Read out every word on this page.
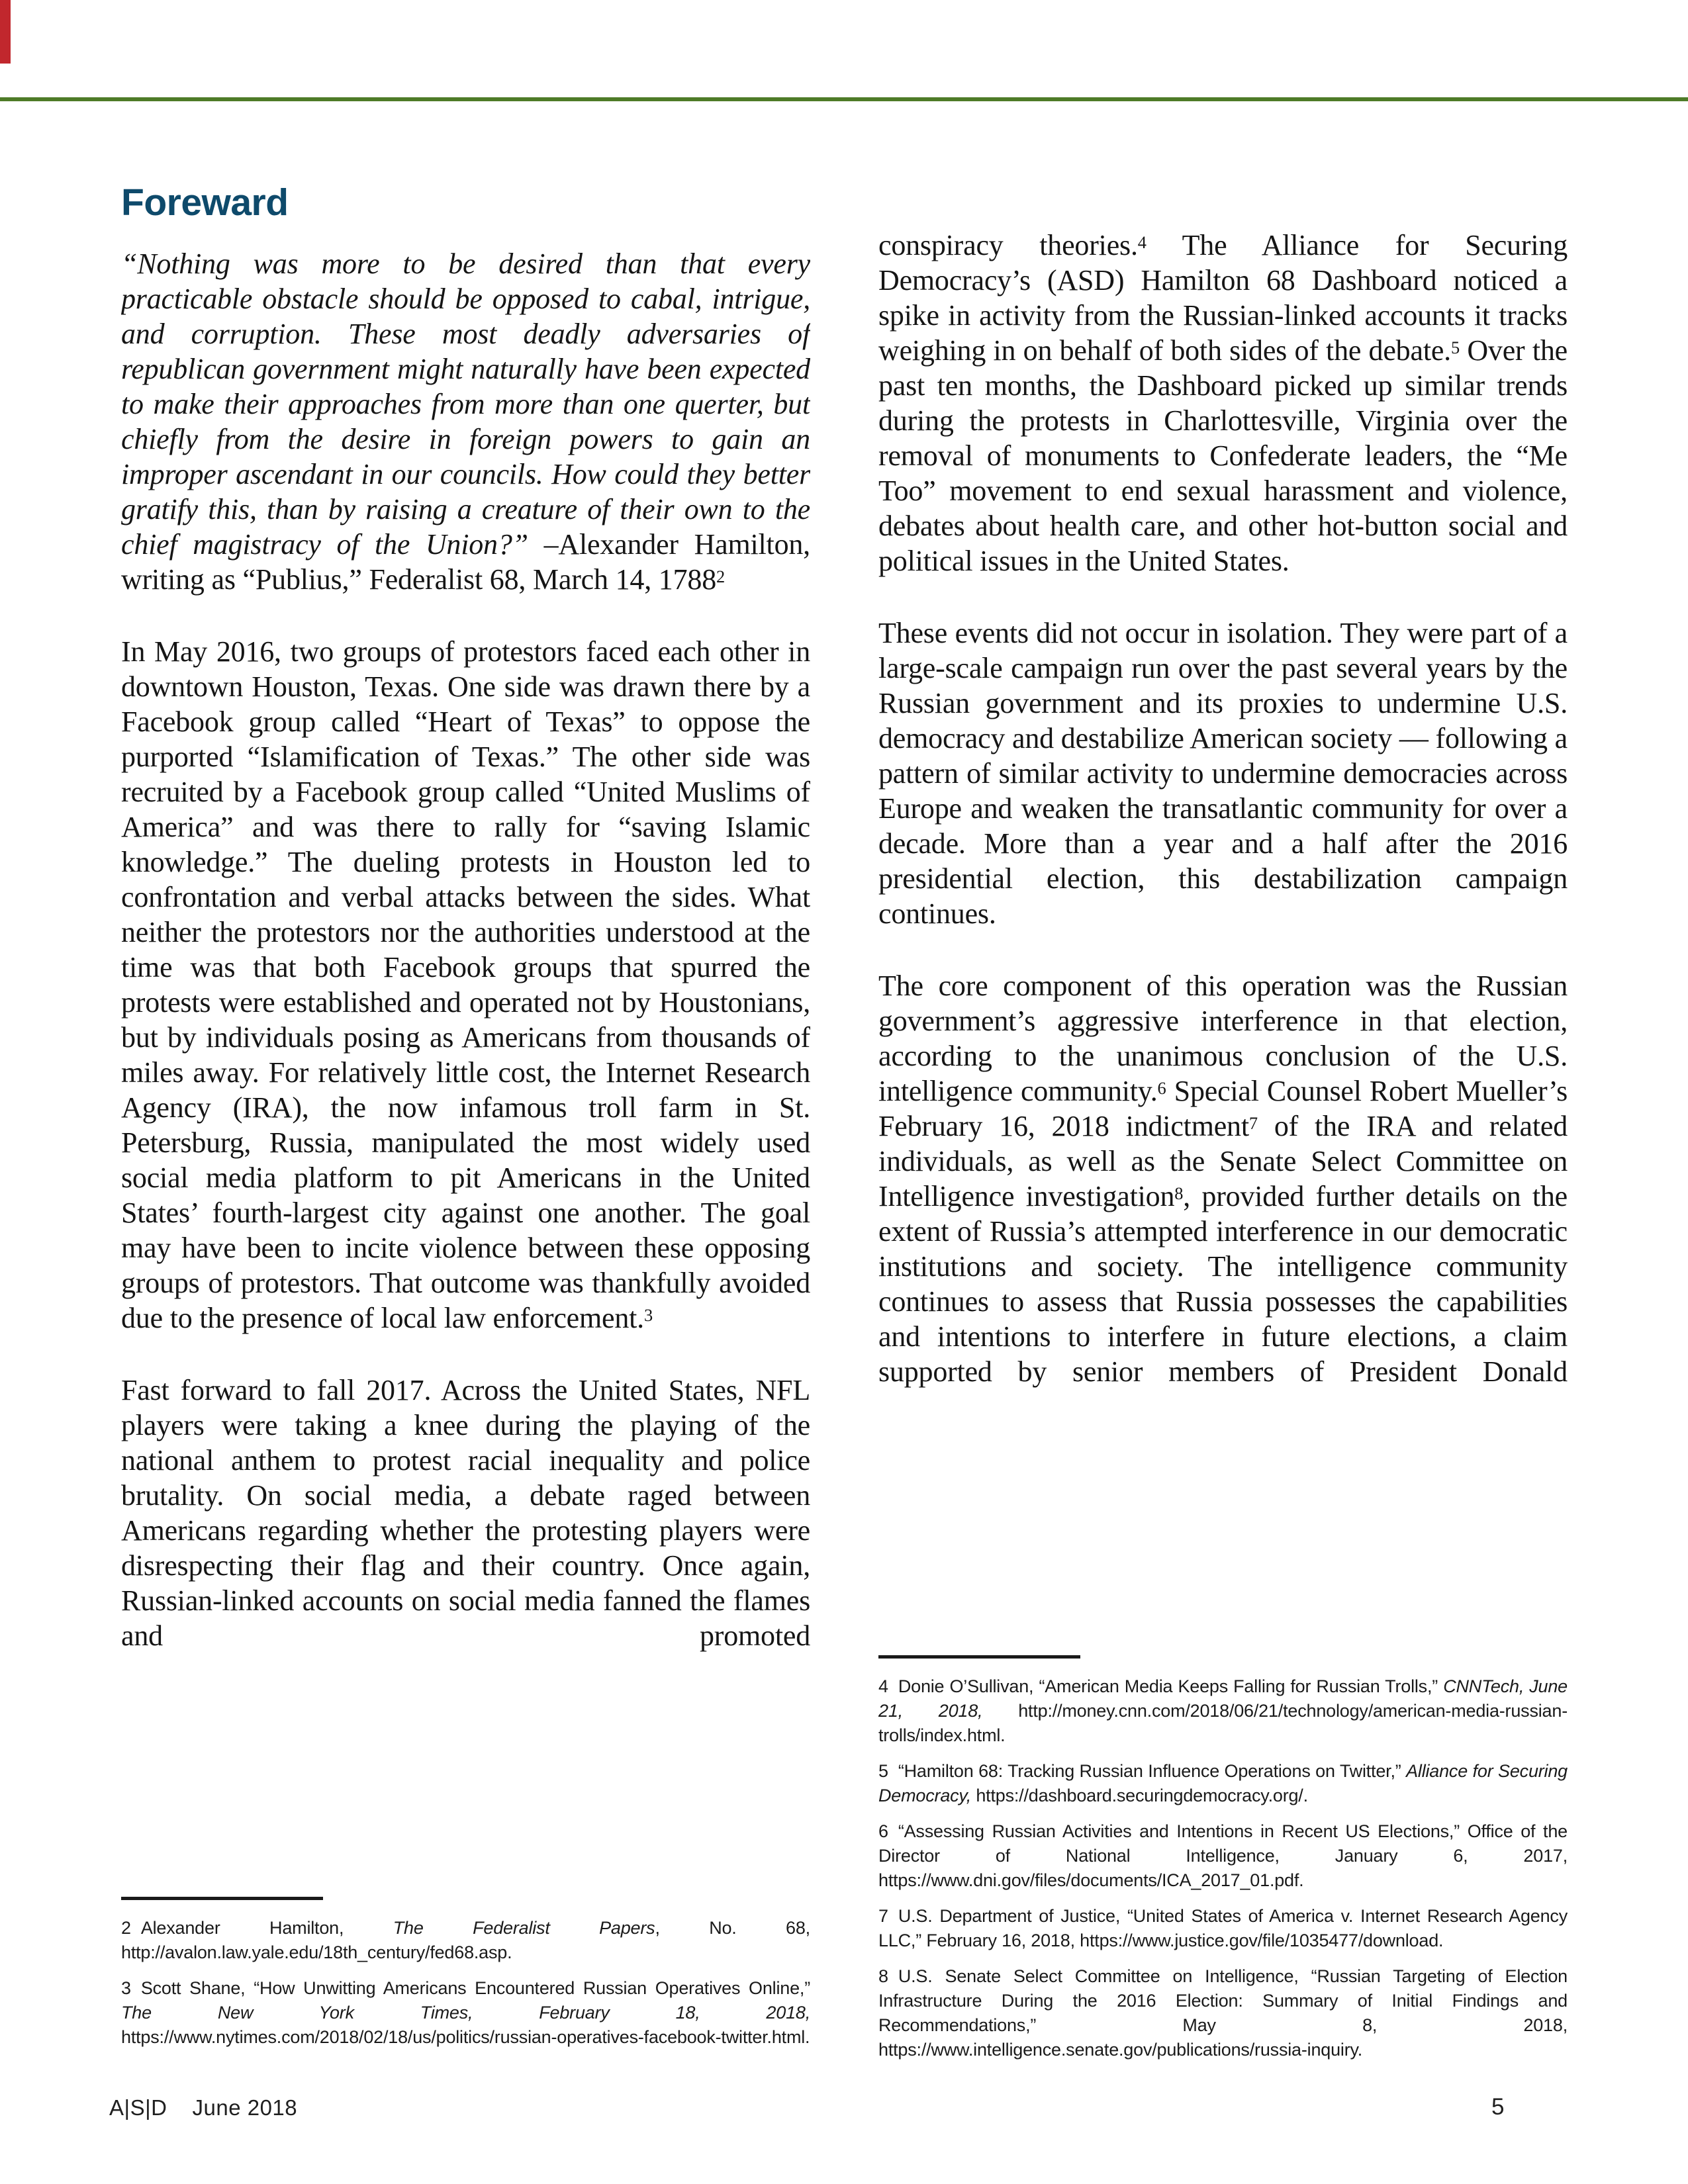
Foreward

“Nothing was more to be desired than that every practicable obstacle should be opposed to cabal, intrigue, and corruption. These most deadly adversaries of republican government might naturally have been expected to make their approaches from more than one querter, but chiefly from the desire in foreign powers to gain an improper ascendant in our councils. How could they better gratify this, than by raising a creature of their own to the chief magistracy of the Union?” –Alexander Hamilton, writing as “Publius,” Federalist 68, March 14, 1788$^2$

In May 2016, two groups of protestors faced each other in downtown Houston, Texas. One side was drawn there by a Facebook group called “Heart of Texas” to oppose the purported “Islamification of Texas.” The other side was recruited by a Facebook group called “United Muslims of America” and was there to rally for “saving Islamic knowledge.” The dueling protests in Houston led to confrontation and verbal attacks between the sides. What neither the protestors nor the authorities understood at the time was that both Facebook groups that spurred the protests were established and operated not by Houstonians, but by individuals posing as Americans from thousands of miles away. For relatively little cost, the Internet Research Agency (IRA), the now infamous troll farm in St. Petersburg, Russia, manipulated the most widely used social media platform to pit Americans in the United States’ fourth-largest city against one another. The goal may have been to incite violence between these opposing groups of protestors. That outcome was thankfully avoided due to the presence of local law enforcement.$^3$

Fast forward to fall 2017. Across the United States, NFL players were taking a knee during the playing of the national anthem to protest racial inequality and police brutality. On social media, a debate raged between Americans regarding whether the protesting players were disrespecting their flag and their country. Once again, Russian-linked accounts on social media fanned the flames and promoted

conspiracy theories.$^4$ The Alliance for Securing Democracy’s (ASD) Hamilton 68 Dashboard noticed a spike in activity from the Russian-linked accounts it tracks weighing in on behalf of both sides of the debate.$^5$ Over the past ten months, the Dashboard picked up similar trends during the protests in Charlottesville, Virginia over the removal of monuments to Confederate leaders, the “Me Too” movement to end sexual harassment and violence, debates about health care, and other hot-button social and political issues in the United States.

These events did not occur in isolation. They were part of a large-scale campaign run over the past several years by the Russian government and its proxies to undermine U.S. democracy and destabilize American society — following a pattern of similar activity to undermine democracies across Europe and weaken the transatlantic community for over a decade. More than a year and a half after the 2016 presidential election, this destabilization campaign continues.

The core component of this operation was the Russian government’s aggressive interference in that election, according to the unanimous conclusion of the U.S. intelligence community.$^6$ Special Counsel Robert Mueller’s February 16, 2018 indictment$^7$ of the IRA and related individuals, as well as the Senate Select Committee on Intelligence investigation$^8$, provided further details on the extent of Russia’s attempted interference in our democratic institutions and society. The intelligence community continues to assess that Russia possesses the capabilities and intentions to interfere in future elections, a claim supported by senior members of President Donald

2 Alexander Hamilton, The Federalist Papers, No. 68, http://avalon.law.yale.edu/18th_century/fed68.asp.

3 Scott Shane, “How Unwitting Americans Encountered Russian Operatives Online,” The New York Times, February 18, 2018, https://www.nytimes.com/2018/02/18/us/politics/russian-operatives-facebook-twitter.html.

4 Donie O’Sullivan, “American Media Keeps Falling for Russian Trolls,” CNNTech, June 21, 2018, http://money.cnn.com/2018/06/21/technology/american-media-russian-trolls/index.html.

5 “Hamilton 68: Tracking Russian Influence Operations on Twitter,” Alliance for Securing Democracy, https://dashboard.securingdemocracy.org/.

6 “Assessing Russian Activities and Intentions in Recent US Elections,” Office of the Director of National Intelligence, January 6, 2017, https://www.dni.gov/files/documents/ICA_2017_01.pdf.

7 U.S. Department of Justice, “United States of America v. Internet Research Agency LLC,” February 16, 2018, https://www.justice.gov/file/1035477/download.

8 U.S. Senate Select Committee on Intelligence, “Russian Targeting of Election Infrastructure During the 2016 Election: Summary of Initial Findings and Recommendations,” May 8, 2018, https://www.intelligence.senate.gov/publications/russia-inquiry.

A|S|D June 2018	5
